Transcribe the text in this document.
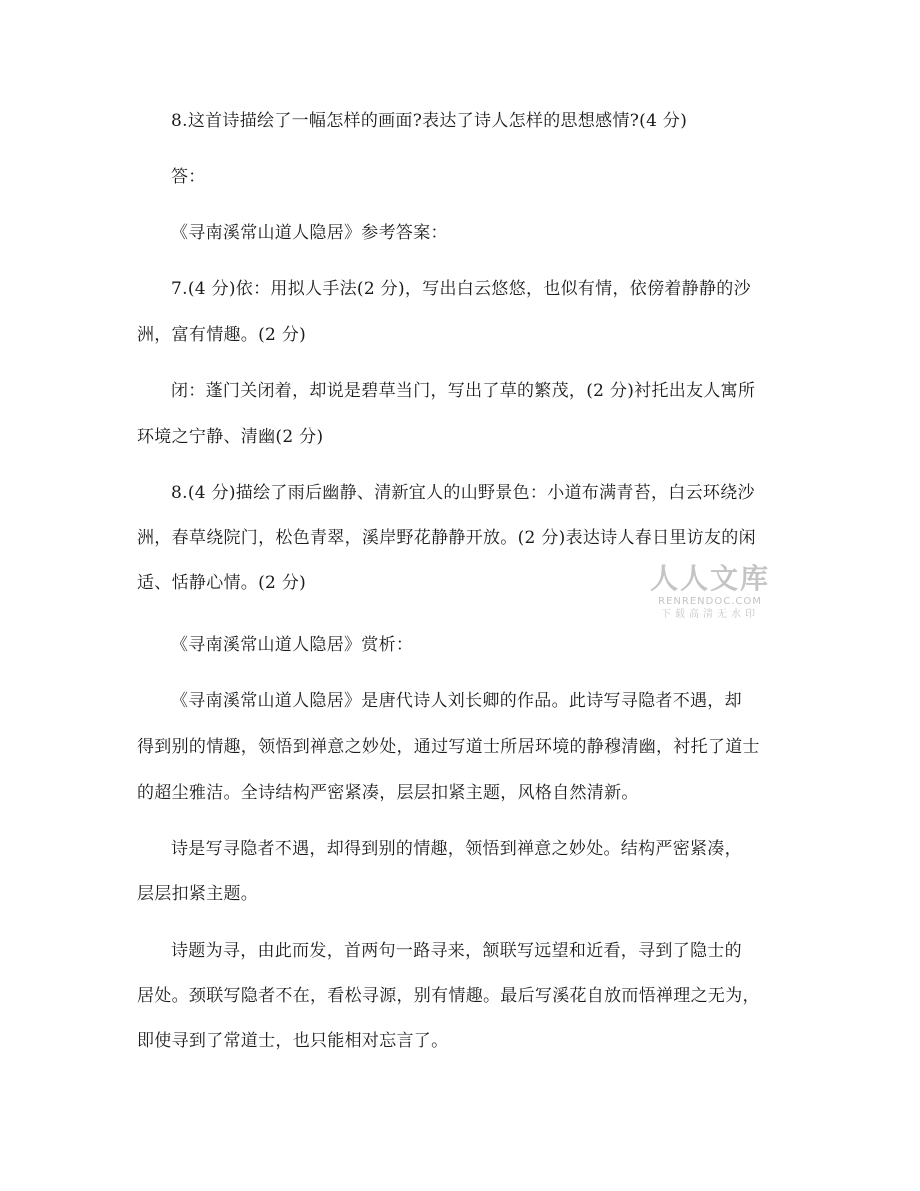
8.这首诗描绘了一幅怎样的画面?表达了诗人怎样的思想感情?(4 分)

答：

《寻南溪常山道人隐居》参考答案：

7.(4 分)依：用拟人手法(2 分)，写出白云悠悠，也似有情，依傍着静静的沙

洲，富有情趣。(2 分)

闭：蓬门关闭着，却说是碧草当门，写出了草的繁茂，(2 分)衬托出友人寓所

环境之宁静、清幽(2 分)

8.(4 分)描绘了雨后幽静、清新宜人的山野景色：小道布满青苔，白云环绕沙

洲，春草绕院门，松色青翠，溪岸野花静静开放。(2 分)表达诗人春日里访友的闲

适、恬静心情。(2 分)

《寻南溪常山道人隐居》赏析：

《寻南溪常山道人隐居》是唐代诗人刘长卿的作品。此诗写寻隐者不遇，却

得到别的情趣，领悟到禅意之妙处，通过写道士所居环境的静穆清幽，衬托了道士

的超尘雅洁。全诗结构严密紧凑，层层扣紧主题，风格自然清新。

诗是写寻隐者不遇，却得到别的情趣，领悟到禅意之妙处。结构严密紧凑，

层层扣紧主题。

诗题为寻，由此而发，首两句一路寻来，颔联写远望和近看，寻到了隐士的

居处。颈联写隐者不在，看松寻源，别有情趣。最后写溪花自放而悟禅理之无为，

即使寻到了常道士，也只能相对忘言了。

人人文库
RENRENDOC.COM
下载高清无水印
